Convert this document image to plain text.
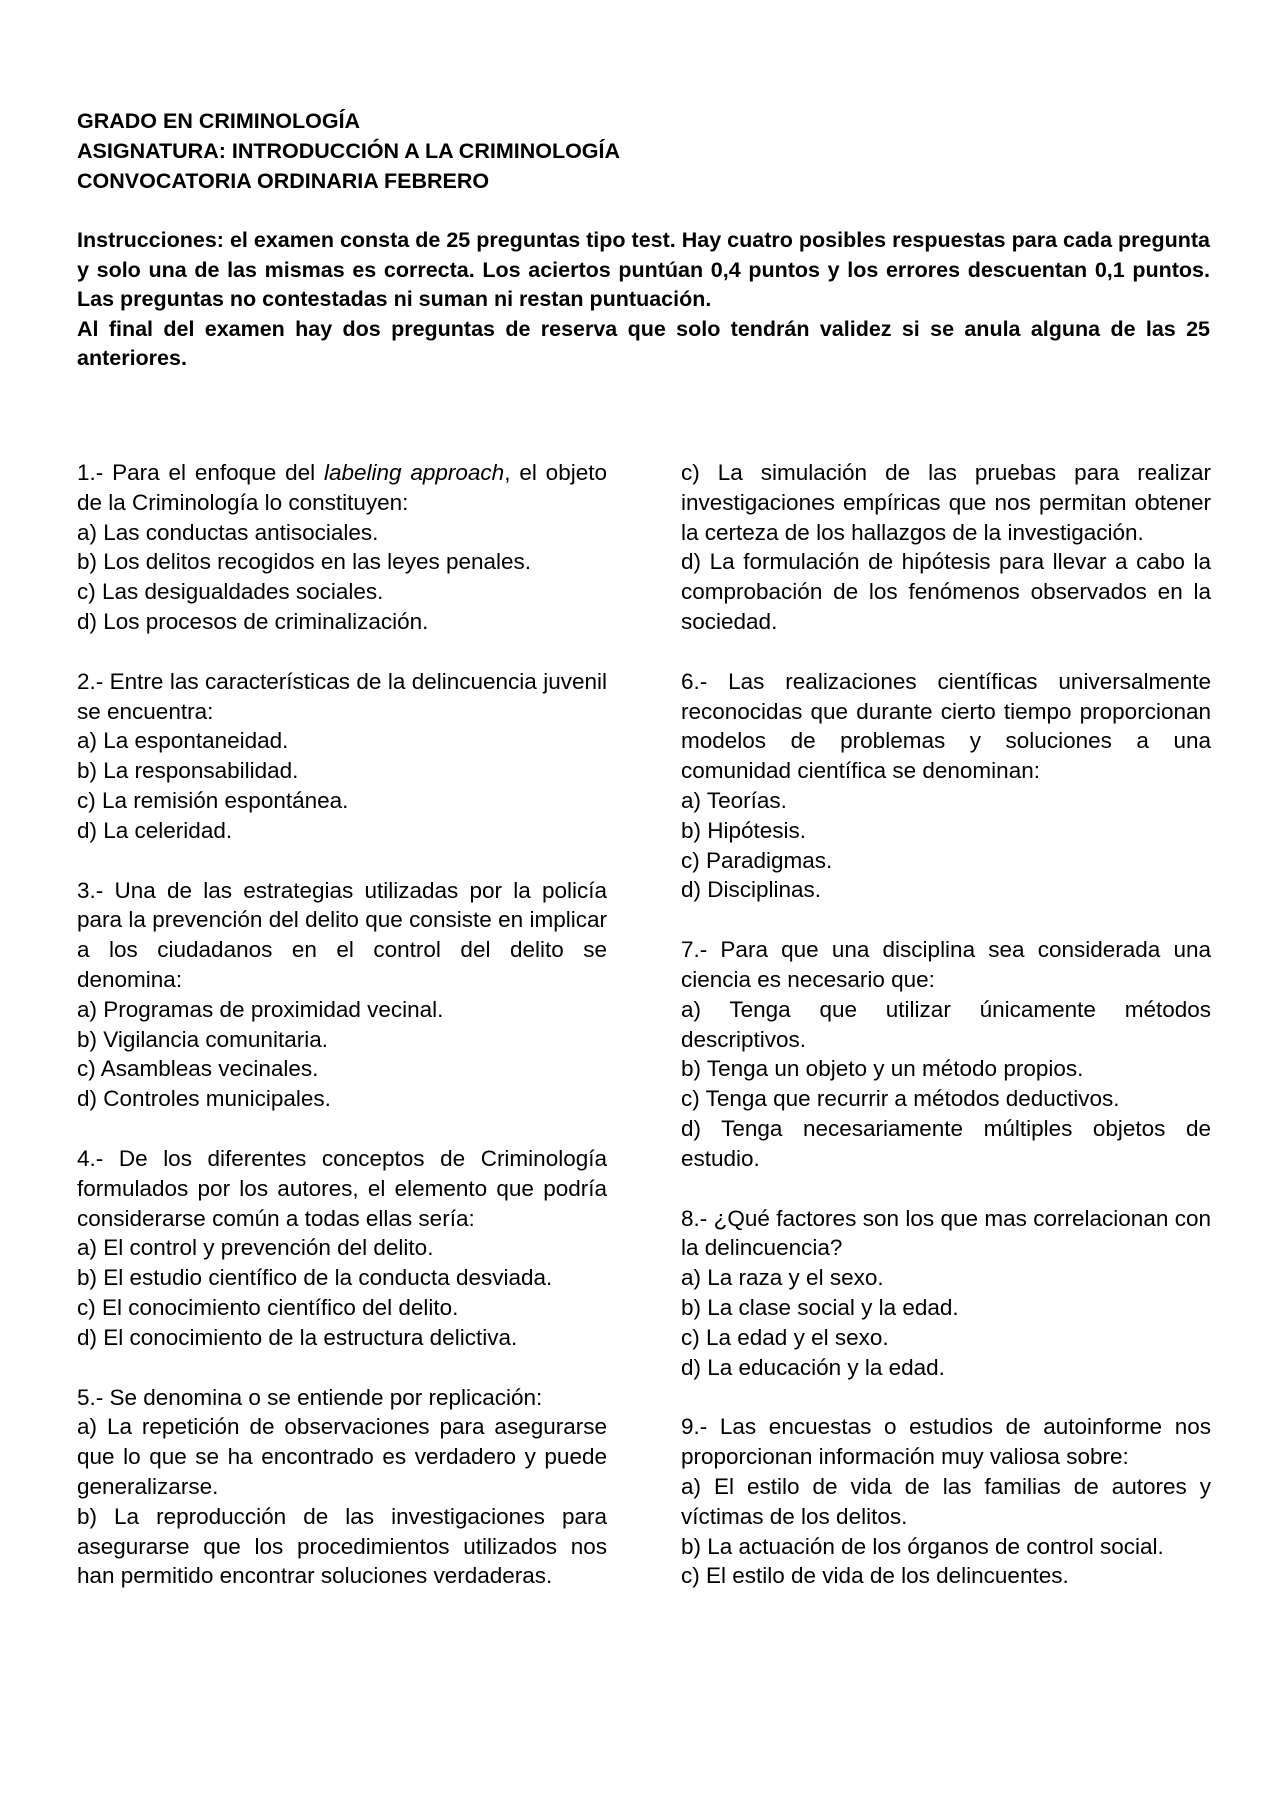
GRADO EN CRIMINOLOGÍA

ASIGNATURA: INTRODUCCIÓN A LA CRIMINOLOGÍA

CONVOCATORIA ORDINARIA FEBRERO

Instrucciones: el examen consta de 25 preguntas tipo test. Hay cuatro posibles respuestas para cada pregunta y solo una de las mismas es correcta. Los aciertos puntúan 0,4 puntos y los errores descuentan 0,1 puntos. Las preguntas no contestadas ni suman ni restan puntuación.

Al final del examen hay dos preguntas de reserva que solo tendrán validez si se anula alguna de las 25 anteriores.

1.- Para el enfoque del labeling approach, el objeto de la Criminología lo constituyen:

a) Las conductas antisociales.

b) Los delitos recogidos en las leyes penales.

c) Las desigualdades sociales.

d) Los procesos de criminalización.

2.- Entre las características de la delincuencia juvenil se encuentra:

a) La espontaneidad.

b) La responsabilidad.

c) La remisión espontánea.

d) La celeridad.

3.- Una de las estrategias utilizadas por la policía para la prevención del delito que consiste en implicar a los ciudadanos en el control del delito se denomina:

a) Programas de proximidad vecinal.

b) Vigilancia comunitaria.

c) Asambleas vecinales.

d) Controles municipales.

4.- De los diferentes conceptos de Criminología formulados por los autores, el elemento que podría considerarse común a todas ellas sería:

a) El control y prevención del delito.

b) El estudio científico de la conducta desviada.

c) El conocimiento científico del delito.

d) El conocimiento de la estructura delictiva.

5.- Se denomina o se entiende por replicación:

a) La repetición de observaciones para asegurarse que lo que se ha encontrado es verdadero y puede generalizarse.

b) La reproducción de las investigaciones para asegurarse que los procedimientos utilizados nos han permitido encontrar soluciones verdaderas.

c) La simulación de las pruebas para realizar investigaciones empíricas que nos permitan obtener la certeza de los hallazgos de la investigación.

d) La formulación de hipótesis para llevar a cabo la comprobación de los fenómenos observados en la sociedad.

6.- Las realizaciones científicas universalmente reconocidas que durante cierto tiempo proporcionan modelos de problemas y soluciones a una comunidad científica se denominan:

a) Teorías.

b) Hipótesis.

c) Paradigmas.

d) Disciplinas.

7.- Para que una disciplina sea considerada una ciencia es necesario que:

a) Tenga que utilizar únicamente métodos descriptivos.

b) Tenga un objeto y un método propios.

c) Tenga que recurrir a métodos deductivos.

d) Tenga necesariamente múltiples objetos de estudio.

8.- ¿Qué factores son los que mas correlacionan con la delincuencia?

a) La raza y el sexo.

b) La clase social y la edad.

c) La edad y el sexo.

d) La educación y la edad.

9.- Las encuestas o estudios de autoinforme nos proporcionan información muy valiosa sobre:

a) El estilo de vida de las familias de autores y víctimas de los delitos.

b) La actuación de los órganos de control social.

c) El estilo de vida de los delincuentes.
